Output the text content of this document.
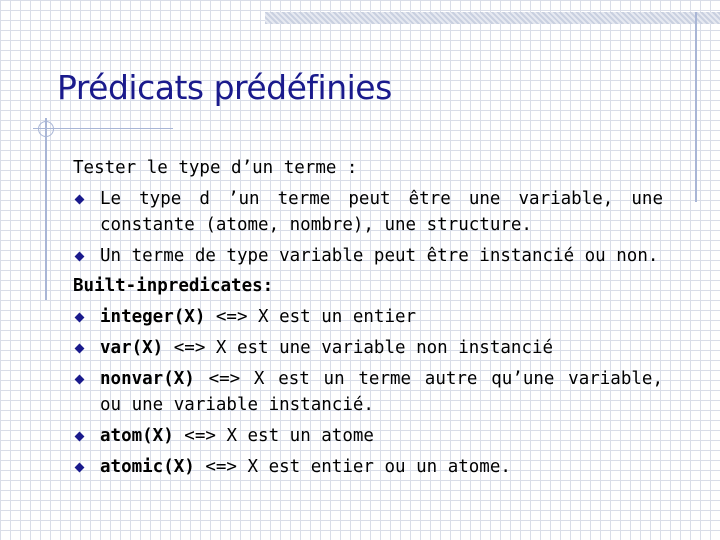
Prédicats prédéfinies

Tester le type d’un terme :

Le type d ’un terme peut être une variable, une constante (atome, nombre), une structure.

Un terme de type variable peut être instancié ou non.

Built-inpredicates:

integer(X) <=> X est un entier

var(X) <=> X est une variable non instancié

nonvar(X) <=> X est un terme autre qu’une variable, ou une variable instancié.

atom(X) <=> X est un atome

atomic(X) <=> X est entier ou un atome.
